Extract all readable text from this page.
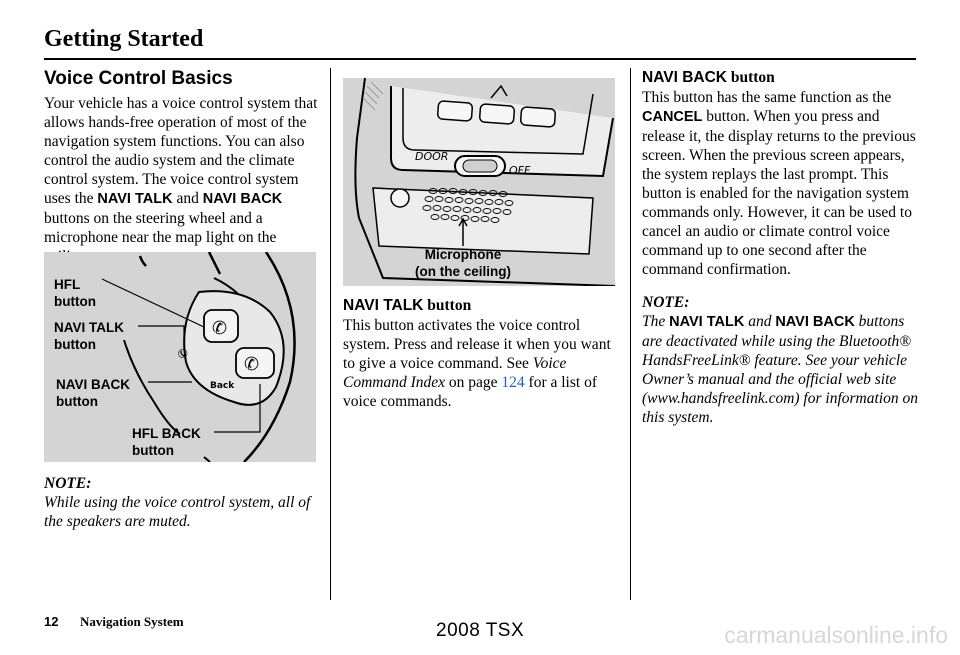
Getting Started
Voice Control Basics

Your vehicle has a voice control system that allows hands-free operation of most of the navigation system functions. You can also control the audio system and the climate control system. The voice control system uses the NAVI TALK and NAVI BACK buttons on the steering wheel and a microphone near the map light on the

✆
✆
✆
Back
HFL
button
NAVI TALK
button
NAVI BACK
button
HFL BACK
button
NOTE:
While using the voice control system, all of the speakers are muted.
DOOR
OFF
Microphone
(on the ceiling)
NAVI TALK button

This button activates the voice control system. Press and release it when you want to give a voice command. See Voice Command Index on page 124 for a list of voice commands.

NAVI BACK button

This button has the same function as the CANCEL button. When you press and release it, the display returns to the previous screen. When the previous screen appears, the system replays the last prompt. This button is enabled for the navigation system commands only. However, it can be used to cancel an audio or climate control voice command up to one second after the command confirmation.

NOTE:
The NAVI TALK and NAVI BACK buttons are deactivated while using the Bluetooth® HandsFreeLink® feature. See your vehicle Owner’s manual and the official web site (www.handsfreelink.com) for information on this system.
12 Navigation System	2008 TSX	carmanualsonline.info
